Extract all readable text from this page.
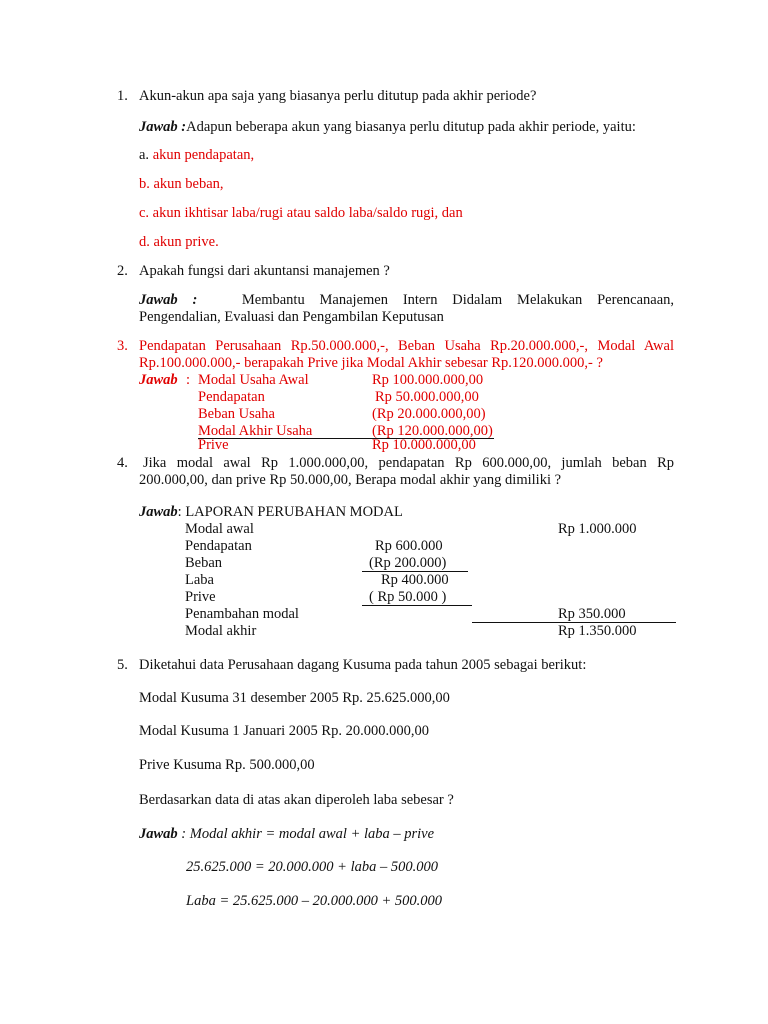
1. Akun-akun apa saja yang biasanya perlu ditutup pada akhir periode?
Jawab :Adapun beberapa akun yang biasanya perlu ditutup pada akhir periode, yaitu:
a. akun pendapatan,
b. akun beban,
c. akun ikhtisar laba/rugi atau saldo laba/saldo rugi, dan
d. akun prive.
2. Apakah fungsi dari akuntansi manajemen ?
Jawab :	Membantu Manajemen Intern Didalam Melakukan Perencanaan,
Pengendalian, Evaluasi dan Pengambilan Keputusan
3. Pendapatan Perusahaan Rp.50.000.000,-, Beban Usaha Rp.20.000.000,-, Modal Awal
Rp.100.000.000,- berapakah Prive jika Modal Akhir sebesar Rp.120.000.000,- ?
Jawab : Modal Usaha Awal	Rp 100.000.000,00
Pendapatan	Rp 50.000.000,00
Beban Usaha	(Rp 20.000.000,00)
Modal Akhir Usaha	(Rp 120.000.000,00)
Prive	Rp 10.000.000,00
4. Jika modal awal Rp 1.000.000,00, pendapatan Rp 600.000,00, jumlah beban Rp
200.000,00, dan prive Rp 50.000,00, Berapa modal akhir yang dimiliki ?
Jawab: LAPORAN PERUBAHAN MODAL
Modal awal	Rp 1.000.000
Pendapatan	Rp 600.000
Beban	(Rp 200.000)
Laba	Rp 400.000
Prive	( Rp 50.000 )
Penambahan modal	Rp 350.000
Modal akhir	Rp 1.350.000
5. Diketahui data Perusahaan dagang Kusuma pada tahun 2005 sebagai berikut:
Modal Kusuma 31 desember 2005 Rp. 25.625.000,00
Modal Kusuma 1 Januari 2005 Rp. 20.000.000,00
Prive Kusuma Rp. 500.000,00
Berdasarkan data di atas akan diperoleh laba sebesar ?
Jawab : Modal akhir = modal awal + laba – prive
25.625.000 = 20.000.000 + laba – 500.000
Laba = 25.625.000 – 20.000.000 + 500.000
